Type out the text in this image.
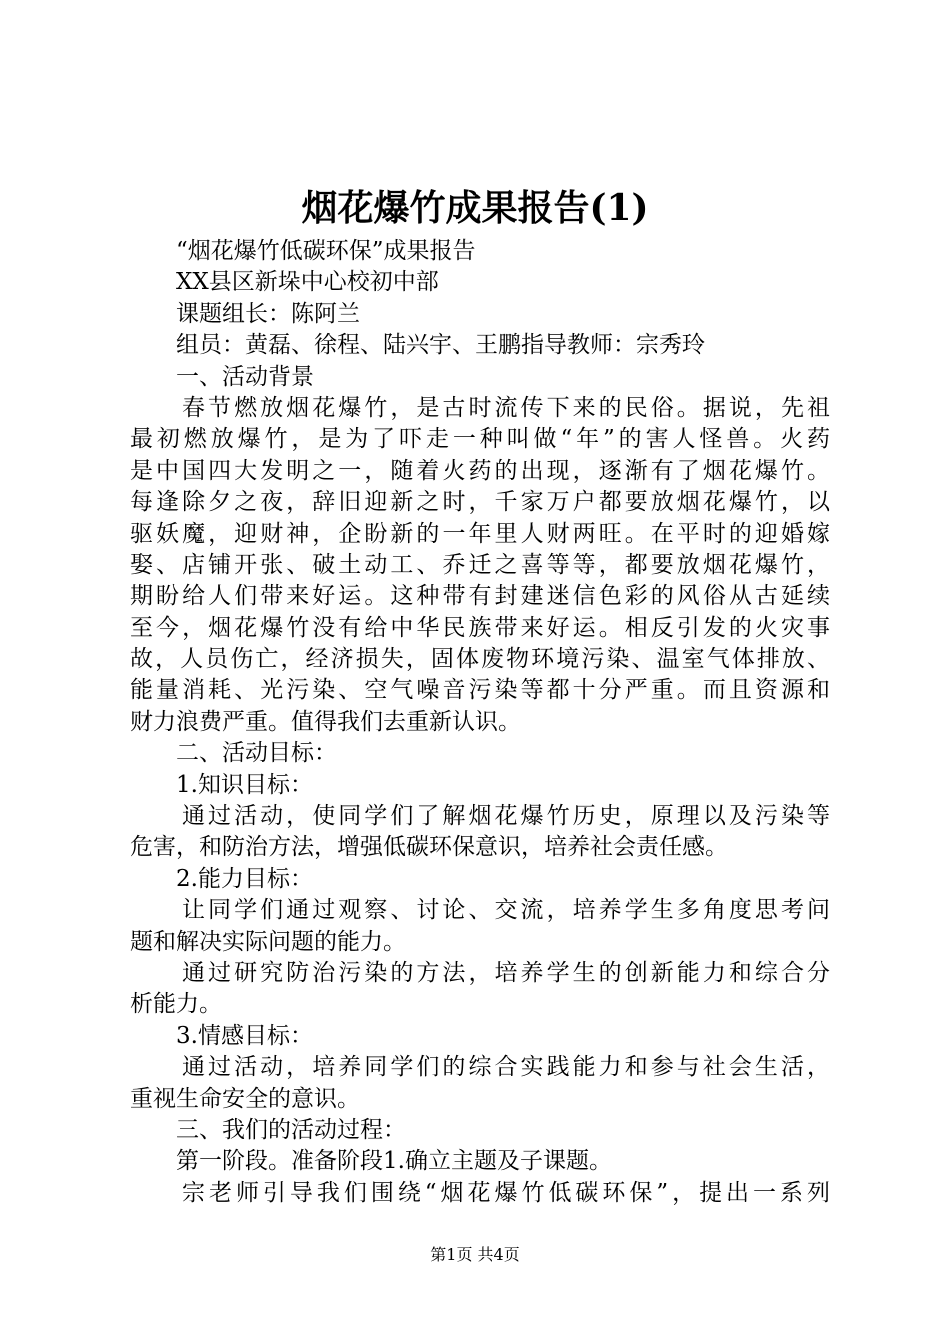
烟花爆竹成果报告(1)
“烟花爆竹低碳环保”成果报告
XX县区新垛中心校初中部
课题组长：陈阿兰
组员：黄磊、徐程、陆兴宇、王鹏指导教师：宗秀玲
一、活动背景
春节燃放烟花爆竹，是古时流传下来的民俗。据说，先祖
最初燃放爆竹，是为了吓走一种叫做“年”的害人怪兽。火药
是中国四大发明之一，随着火药的出现，逐渐有了烟花爆竹。
每逢除夕之夜，辞旧迎新之时，千家万户都要放烟花爆竹，以
驱妖魔，迎财神，企盼新的一年里人财两旺。在平时的迎婚嫁
娶、店铺开张、破土动工、乔迁之喜等等，都要放烟花爆竹，
期盼给人们带来好运。这种带有封建迷信色彩的风俗从古延续
至今，烟花爆竹没有给中华民族带来好运。相反引发的火灾事
故，人员伤亡，经济损失，固体废物环境污染、温室气体排放、
能量消耗、光污染、空气噪音污染等都十分严重。而且资源和
财力浪费严重。值得我们去重新认识。
二、活动目标：
1.知识目标：
通过活动，使同学们了解烟花爆竹历史，原理以及污染等
危害，和防治方法，增强低碳环保意识，培养社会责任感。
2.能力目标：
让同学们通过观察、讨论、交流，培养学生多角度思考问
题和解决实际问题的能力。
通过研究防治污染的方法，培养学生的创新能力和综合分
析能力。
3.情感目标：
通过活动，培养同学们的综合实践能力和参与社会生活，
重视生命安全的意识。
三、我们的活动过程：
第一阶段。准备阶段1.确立主题及子课题。
宗老师引导我们围绕“烟花爆竹低碳环保”，提出一系列
第1页 共4页
